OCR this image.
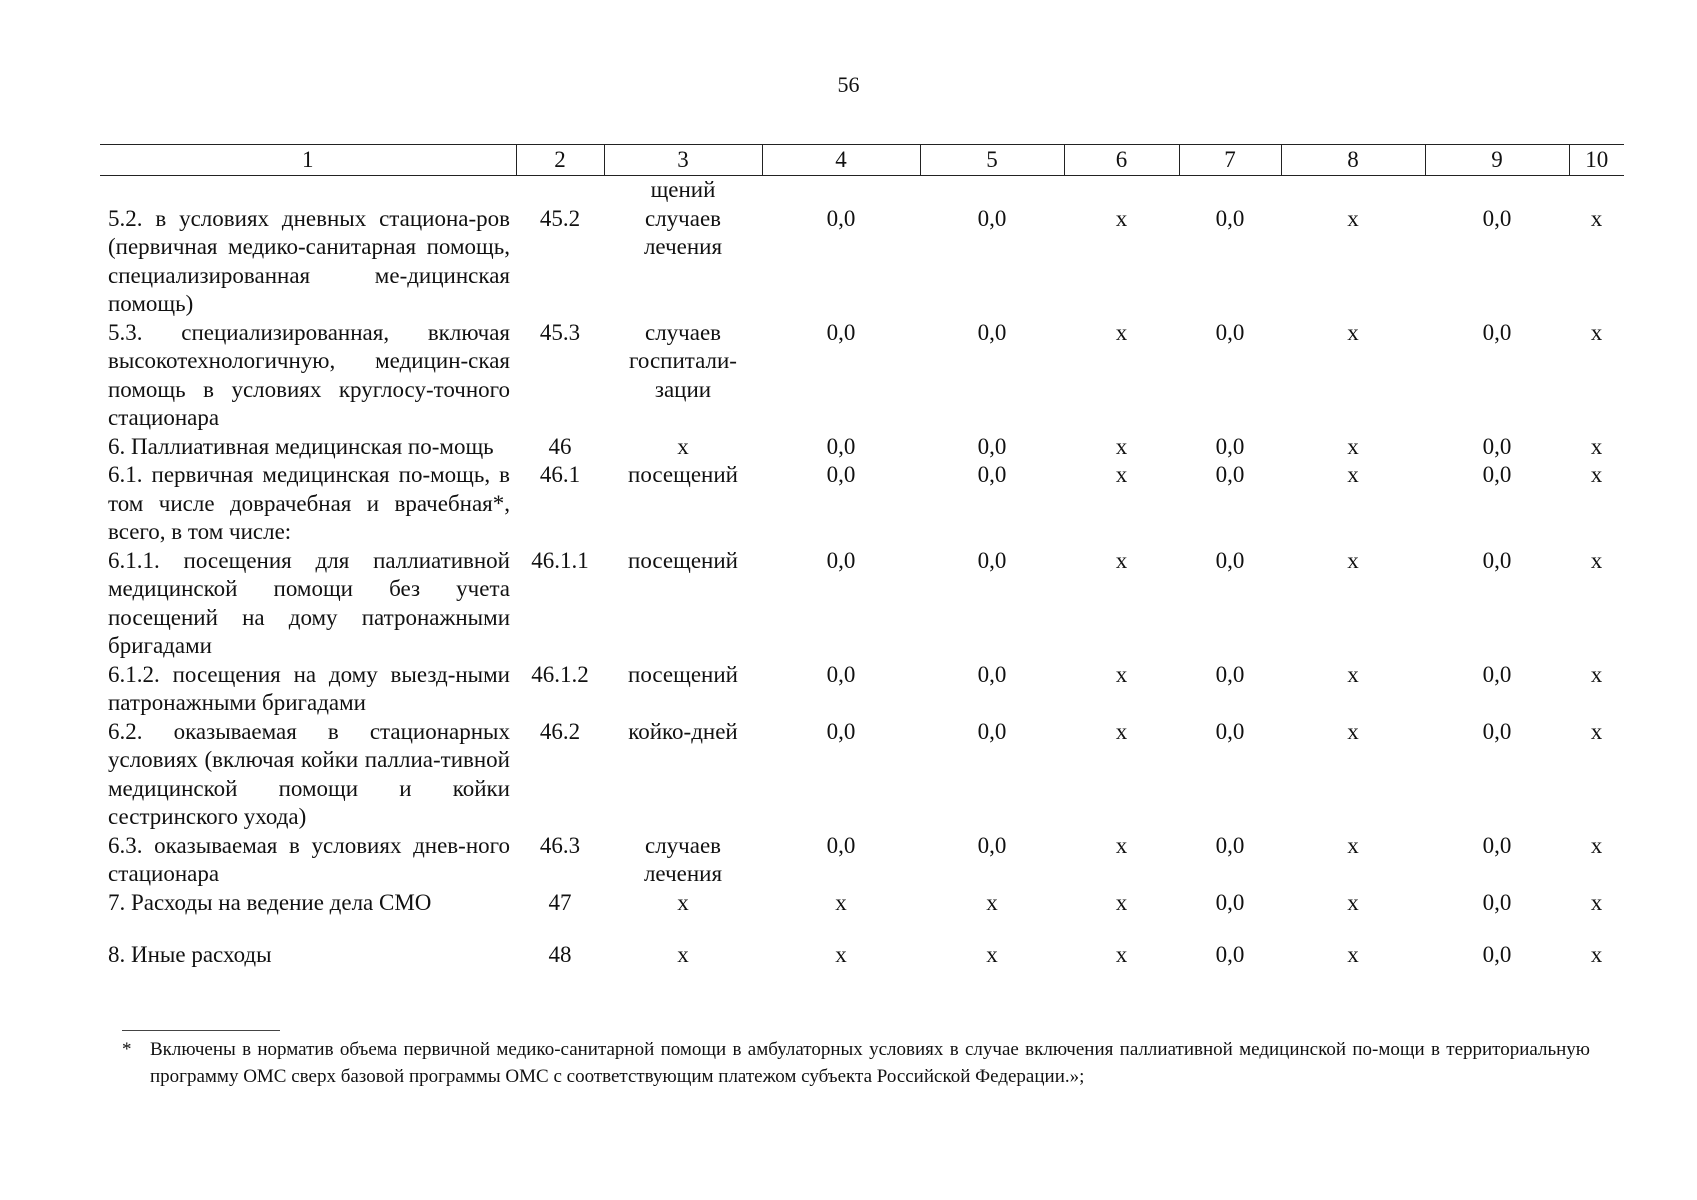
56
1	2	3	4	5	6	7	8	9	10
		щений							
5.2. в условиях дневных стациона-ров (первичная медико-санитарная помощь, специализированная ме-дицинская помощь)	45.2	случаев лечения	0,0	0,0	х	0,0	х	0,0	х
5.3. специализированная, включая высокотехнологичную, медицин-ская помощь в условиях круглосу-точного стационара	45.3	случаев госпитали-зации	0,0	0,0	х	0,0	х	0,0	х
6. Паллиативная медицинская по-мощь	46	х	0,0	0,0	х	0,0	х	0,0	х
6.1. первичная медицинская по-мощь, в том числе доврачебная и врачебная*, всего, в том числе:	46.1	посещений	0,0	0,0	х	0,0	х	0,0	х
6.1.1. посещения для паллиативной медицинской помощи без учета посещений на дому патронажными бригадами	46.1.1	посещений	0,0	0,0	х	0,0	х	0,0	х
6.1.2. посещения на дому выезд-ными патронажными бригадами	46.1.2	посещений	0,0	0,0	х	0,0	х	0,0	х
6.2. оказываемая в стационарных условиях (включая койки паллиа-тивной медицинской помощи и койки сестринского ухода)	46.2	койко-дней	0,0	0,0	х	0,0	х	0,0	х
6.3. оказываемая в условиях днев-ного стационара	46.3	случаев лечения	0,0	0,0	х	0,0	х	0,0	х
7. Расходы на ведение дела СМО	47	х	х	х	х	0,0	х	0,0	х
8. Иные расходы	48	х	х	х	х	0,0	х	0,0	х
* Включены в норматив объема первичной медико-санитарной помощи в амбулаторных условиях в случае включения паллиативной медицинской по-мощи в территориальную программу ОМС сверх базовой программы ОМС с соответствующим платежом субъекта Российской Федерации.»;
